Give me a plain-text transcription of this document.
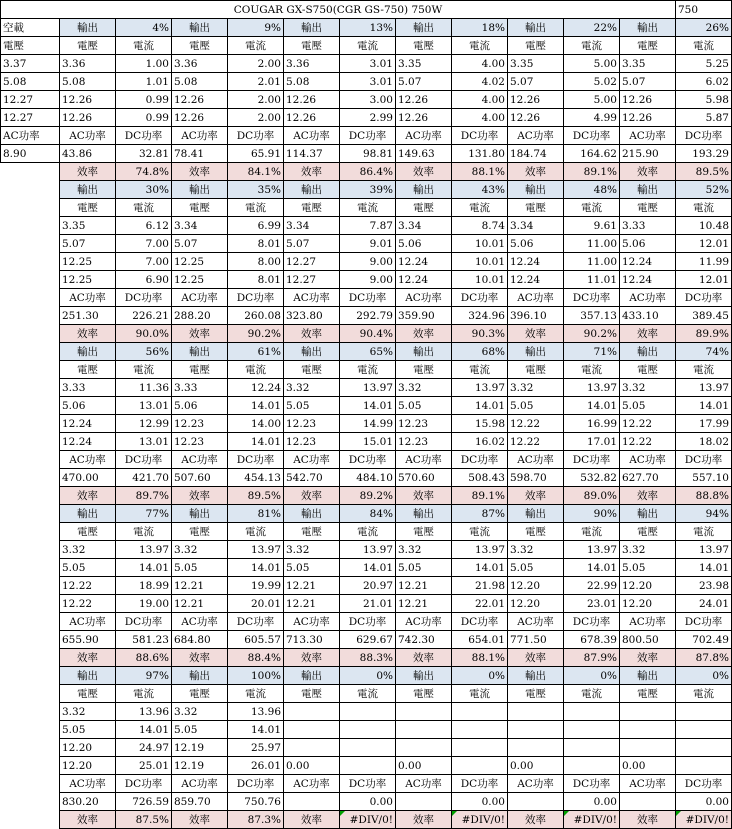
COUGAR GX-S750(CGR GS-750) 750W												750
空載	輸出	4%	輸出	9%	輸出	13%	輸出	18%	輸出	22%	輸出	26%
電壓	電壓	電流	電壓	電流	電壓	電流	電壓	電流	電壓	電流	電壓	電流
3.37	3.36	1.00	3.36	2.00	3.36	3.01	3.35	4.00	3.35	5.00	3.35	5.25
5.08	5.08	1.01	5.08	2.01	5.08	3.01	5.07	4.02	5.07	5.02	5.07	6.02
12.27	12.26	0.99	12.26	2.00	12.26	3.00	12.26	4.00	12.26	5.00	12.26	5.98
12.27	12.26	0.99	12.26	2.00	12.26	2.99	12.26	4.00	12.26	4.99	12.26	5.87
AC功率	AC功率	DC功率	AC功率	DC功率	AC功率	DC功率	AC功率	DC功率	AC功率	DC功率	AC功率	DC功率
8.90	43.86	32.81	78.41	65.91	114.37	98.81	149.63	131.80	184.74	164.62	215.90	193.29
	效率	74.8%	效率	84.1%	效率	86.4%	效率	88.1%	效率	89.1%	效率	89.5%
	輸出	30%	輸出	35%	輸出	39%	輸出	43%	輸出	48%	輸出	52%
	電壓	電流	電壓	電流	電壓	電流	電壓	電流	電壓	電流	電壓	電流
	3.35	6.12	3.34	6.99	3.34	7.87	3.34	8.74	3.34	9.61	3.33	10.48
	5.07	7.00	5.07	8.01	5.07	9.01	5.06	10.01	5.06	11.00	5.06	12.01
	12.25	7.00	12.25	8.00	12.27	9.00	12.24	10.01	12.24	11.00	12.24	11.99
	12.25	6.90	12.25	8.01	12.27	9.00	12.24	10.01	12.24	11.01	12.24	12.01
	AC功率	DC功率	AC功率	DC功率	AC功率	DC功率	AC功率	DC功率	AC功率	DC功率	AC功率	DC功率
	251.30	226.21	288.20	260.08	323.80	292.79	359.90	324.96	396.10	357.13	433.10	389.45
	效率	90.0%	效率	90.2%	效率	90.4%	效率	90.3%	效率	90.2%	效率	89.9%
	輸出	56%	輸出	61%	輸出	65%	輸出	68%	輸出	71%	輸出	74%
	電壓	電流	電壓	電流	電壓	電流	電壓	電流	電壓	電流	電壓	電流
	3.33	11.36	3.33	12.24	3.32	13.97	3.32	13.97	3.32	13.97	3.32	13.97
	5.06	13.01	5.06	14.01	5.05	14.01	5.05	14.01	5.05	14.01	5.05	14.01
	12.24	12.99	12.23	14.00	12.23	14.99	12.23	15.98	12.22	16.99	12.22	17.99
	12.24	13.01	12.23	14.01	12.23	15.01	12.23	16.02	12.22	17.01	12.22	18.02
	AC功率	DC功率	AC功率	DC功率	AC功率	DC功率	AC功率	DC功率	AC功率	DC功率	AC功率	DC功率
	470.00	421.70	507.60	454.13	542.70	484.10	570.60	508.43	598.70	532.82	627.70	557.10
	效率	89.7%	效率	89.5%	效率	89.2%	效率	89.1%	效率	89.0%	效率	88.8%
	輸出	77%	輸出	81%	輸出	84%	輸出	87%	輸出	90%	輸出	94%
	電壓	電流	電壓	電流	電壓	電流	電壓	電流	電壓	電流	電壓	電流
	3.32	13.97	3.32	13.97	3.32	13.97	3.32	13.97	3.32	13.97	3.32	13.97
	5.05	14.01	5.05	14.01	5.05	14.01	5.05	14.01	5.05	14.01	5.05	14.01
	12.22	18.99	12.21	19.99	12.21	20.97	12.21	21.98	12.20	22.99	12.20	23.98
	12.22	19.00	12.21	20.01	12.21	21.01	12.21	22.01	12.20	23.01	12.20	24.01
	AC功率	DC功率	AC功率	DC功率	AC功率	DC功率	AC功率	DC功率	AC功率	DC功率	AC功率	DC功率
	655.90	581.23	684.80	605.57	713.30	629.67	742.30	654.01	771.50	678.39	800.50	702.49
	效率	88.6%	效率	88.4%	效率	88.3%	效率	88.1%	效率	87.9%	效率	87.8%
	輸出	97%	輸出	100%	輸出	0%	輸出	0%	輸出	0%	輸出	0%
	電壓	電流	電壓	電流	電壓	電流	電壓	電流	電壓	電流	電壓	電流
	3.32	13.96	3.32	13.96								
	5.05	14.01	5.05	14.01								
	12.20	24.97	12.19	25.97								
	12.20	25.01	12.19	26.01	0.00		0.00		0.00		0.00	
	AC功率	DC功率	AC功率	DC功率	AC功率	DC功率	AC功率	DC功率	AC功率	DC功率	AC功率	DC功率
	830.20	726.59	859.70	750.76		0.00		0.00		0.00		0.00
	效率	87.5%	效率	87.3%	效率	#DIV/0!	效率	#DIV/0!	效率	#DIV/0!	效率	#DIV/0!
